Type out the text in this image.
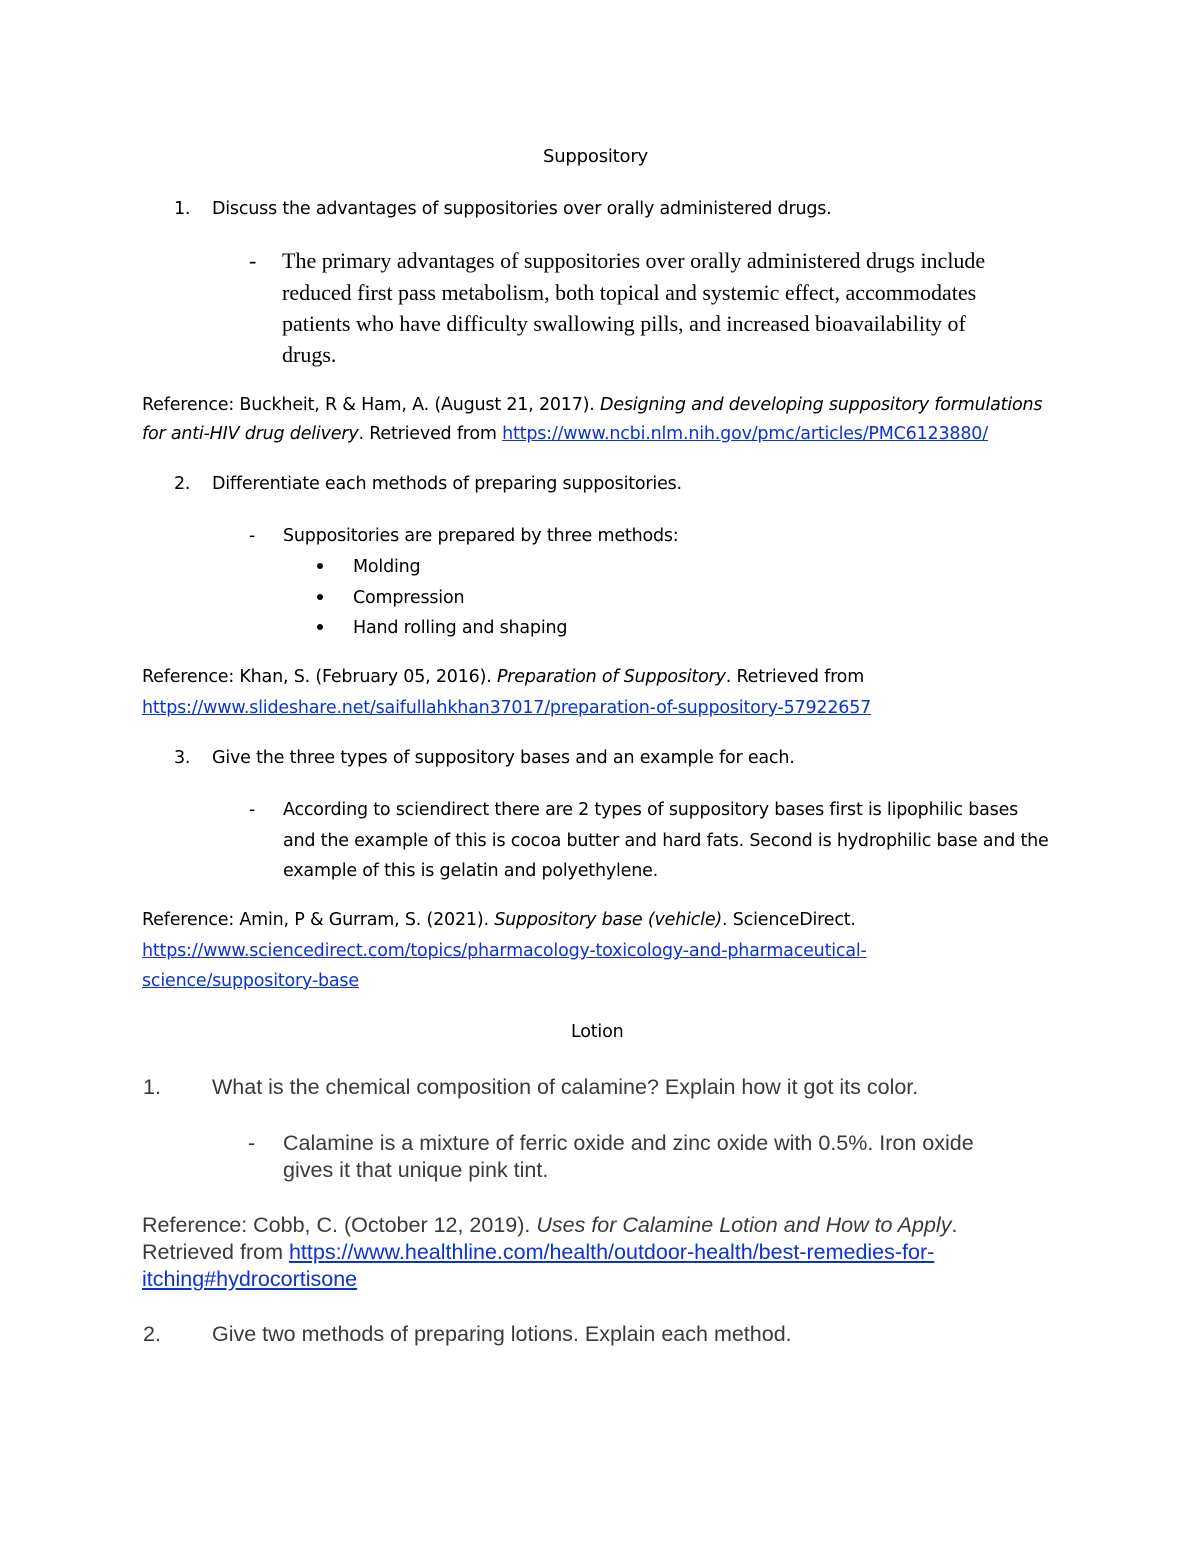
Suppository

1. Discuss the advantages of suppositories over orally administered drugs.

- The primary advantages of suppositories over orally administered drugs include

reduced first pass metabolism, both topical and systemic effect, accommodates

patients who have difficulty swallowing pills, and increased bioavailability of

drugs.

Reference: Buckheit, R & Ham, A. (August 21, 2017). Designing and developing suppository formulations

for anti-HIV drug delivery. Retrieved from https://www.ncbi.nlm.nih.gov/pmc/articles/PMC6123880/

2. Differentiate each methods of preparing suppositories.

- Suppositories are prepared by three methods:

Molding

Compression

Hand rolling and shaping

Reference: Khan, S. (February 05, 2016). Preparation of Suppository. Retrieved from

https://www.slideshare.net/saifullahkhan37017/preparation-of-suppository-57922657

3. Give the three types of suppository bases and an example for each.

- According to sciendirect there are 2 types of suppository bases first is lipophilic bases

and the example of this is cocoa butter and hard fats. Second is hydrophilic base and the

example of this is gelatin and polyethylene.

Reference: Amin, P & Gurram, S. (2021). Suppository base (vehicle). ScienceDirect.

https://www.sciencedirect.com/topics/pharmacology-toxicology-and-pharmaceutical-

science/suppository-base

Lotion

1. What is the chemical composition of calamine? Explain how it got its color.

- Calamine is a mixture of ferric oxide and zinc oxide with 0.5%. Iron oxide

gives it that unique pink tint.

Reference: Cobb, C. (October 12, 2019). Uses for Calamine Lotion and How to Apply.

Retrieved from https://www.healthline.com/health/outdoor-health/best-remedies-for-

itching#hydrocortisone

2. Give two methods of preparing lotions. Explain each method.
